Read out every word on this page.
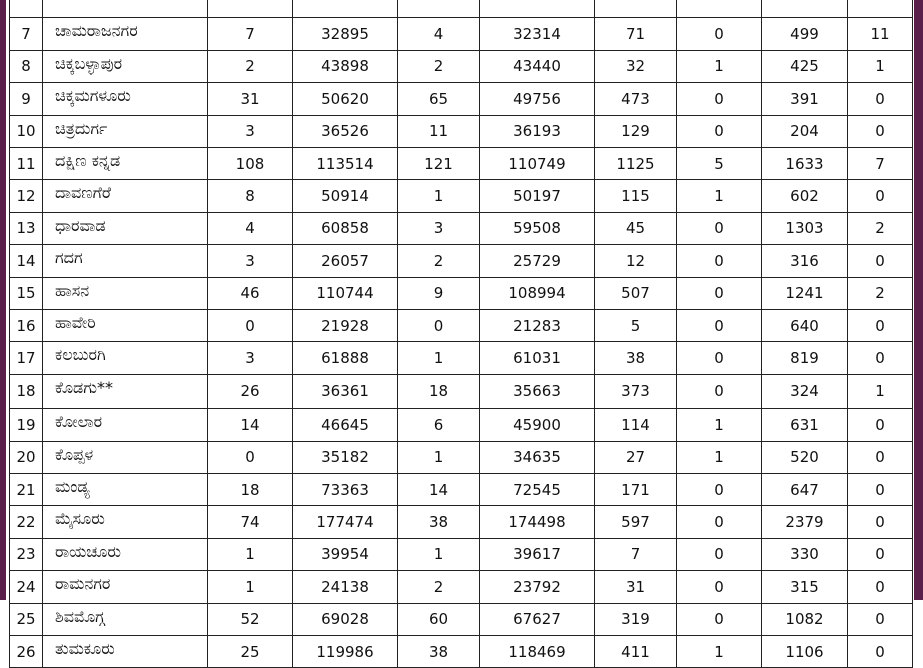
7	ಚಾಮರಾಜನಗರ	7	32895	4	32314	71	0	499	11
8	ಚಿಕ್ಕಬಳ್ಳಾಪುರ	2	43898	2	43440	32	1	425	1
9	ಚಿಕ್ಕಮಗಳೂರು	31	50620	65	49756	473	0	391	0
10	ಚಿತ್ರದುರ್ಗ	3	36526	11	36193	129	0	204	0
11	ದಕ್ಷಿಣ ಕನ್ನಡ	108	113514	121	110749	1125	5	1633	7
12	ದಾವಣಗೆರೆ	8	50914	1	50197	115	1	602	0
13	ಧಾರವಾಡ	4	60858	3	59508	45	0	1303	2
14	ಗದಗ	3	26057	2	25729	12	0	316	0
15	ಹಾಸನ	46	110744	9	108994	507	0	1241	2
16	ಹಾವೇರಿ	0	21928	0	21283	5	0	640	0
17	ಕಲಬುರಗಿ	3	61888	1	61031	38	0	819	0
18	ಕೊಡಗು**	26	36361	18	35663	373	0	324	1
19	ಕೋಲಾರ	14	46645	6	45900	114	1	631	0
20	ಕೊಪ್ಪಳ	0	35182	1	34635	27	1	520	0
21	ಮಂಡ್ಯ	18	73363	14	72545	171	0	647	0
22	ಮೈಸೂರು	74	177474	38	174498	597	0	2379	0
23	ರಾಯಚೂರು	1	39954	1	39617	7	0	330	0
24	ರಾಮನಗರ	1	24138	2	23792	31	0	315	0
25	ಶಿವಮೊಗ್ಗ	52	69028	60	67627	319	0	1082	0
26	ತುಮಕೂರು	25	119986	38	118469	411	1	1106	0
